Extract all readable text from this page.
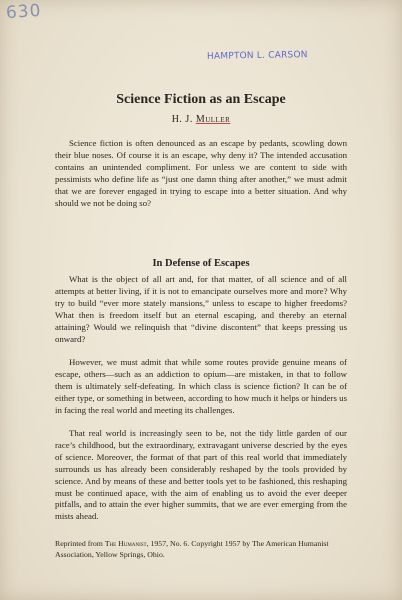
630
HAMPTON L. CARSON
Science Fiction as an Escape
H. J. Muller

Science fiction is often denounced as an escape by pedants, scowling down their blue noses. Of course it is an escape, why deny it? The intended accusation contains an unintended compliment. For unless we are content to side with pessimists who define life as “just one damn thing after another,” we must admit that we are forever engaged in trying to escape into a better situation. And why should we not be doing so?

In Defense of Escapes

What is the object of all art and, for that matter, of all science and of all attempts at better living, if it is not to emancipate ourselves more and more? Why try to build “ever more stately mansions,” unless to escape to higher freedoms? What then is freedom itself but an eternal escaping, and thereby an eternal attaining? Would we relinquish that “divine discontent” that keeps pressing us onward?

However, we must admit that while some routes provide genuine means of escape, others—such as an addiction to opium—are mistaken, in that to follow them is ultimately self-defeating. In which class is science fiction? It can be of either type, or something in between, according to how much it helps or hinders us in facing the real world and meeting its challenges.

That real world is increasingly seen to be, not the tidy little garden of our race’s childhood, but the extraordinary, extravagant universe descried by the eyes of science. Moreover, the format of that part of this real world that immediately surrounds us has already been considerably reshaped by the tools provided by science. And by means of these and better tools yet to be fashioned, this reshaping must be continued apace, with the aim of enabling us to avoid the ever deeper pitfalls, and to attain the ever higher summits, that we are ever emerging from the mists ahead.

Reprinted from The Humanist, 1957, No. 6. Copyright 1957 by The American Humanist Association, Yellow Springs, Ohio.
